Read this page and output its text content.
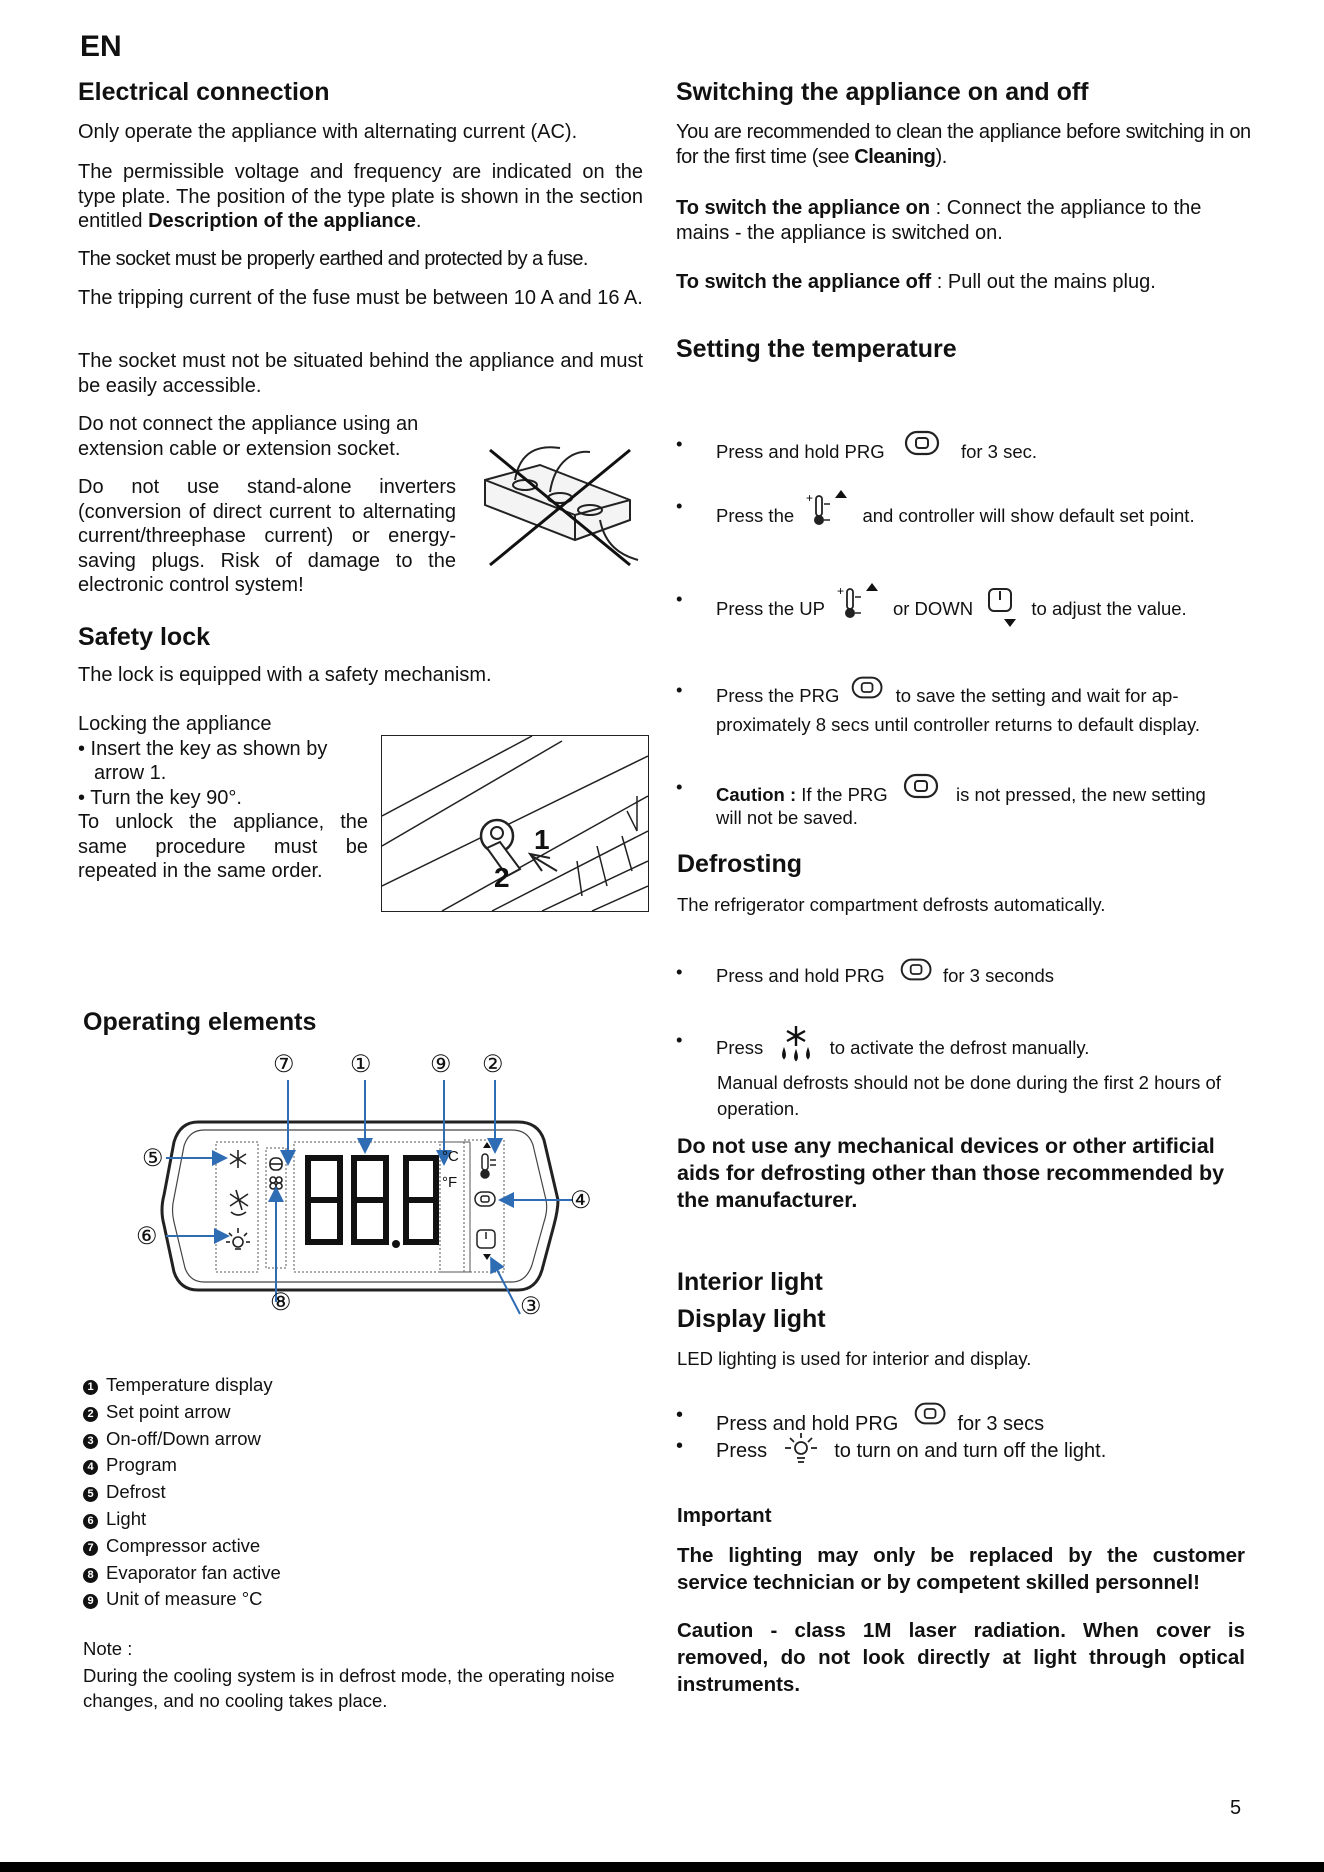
EN
Electrical connection

Only operate the appliance with alternating current (AC).

The permissible voltage and frequency are indicated on the type plate. The position of the type plate is shown in the section entitled Description of the appliance.

The socket must be properly earthed and protected by a fuse.

The tripping current of the fuse must be between 10 A and 16 A.

The socket must not be situated behind the appliance and must be easily accessible.

Do not connect the appliance using an extension cable or extension socket.

Do not use stand-alone inverters (conversion of direct current to alternating current/threephase current) or energy-saving plugs. Risk of damage to the electronic control system!

Safety lock

The lock is equipped with a safety mechanism.

Locking the appliance
• Insert the key as shown by
arrow 1.
• Turn the key 90°.
To unlock the appliance, the same procedure must be repeated in the same order.
1
2
Operating elements
⑦ ① ⑨ ②
⑤
⑥
④
⑧	③
°C
°F
1 Temperature display
2 Set point arrow
3 On-off/Down arrow
4 Program
5 Defrost
6 Light
7 Compressor active
8 Evaporator fan active
9 Unit of measure °C

Note :

During the cooling system is in defrost mode, the operating noise changes, and no cooling takes place.

Switching the appliance on and off

You are recommended to clean the appliance before switching in on for the first time (see Cleaning).

To switch the appliance on : Connect the appliance to the mains - the appliance is switched on.

To switch the appliance off : Pull out the mains plug.

Setting the temperature
• Press and hold PRG	for 3 sec.
• Press the
+
and controller will show default set point.
• Press the UP
+
or DOWN	to adjust the value.
• Press the PRG	to save the setting and wait for ap-
proximately 8 secs until controller returns to default display.
• Caution : If the PRG	is not pressed, the new setting
will not be saved.
Defrosting

The refrigerator compartment defrosts automatically.

• Press and hold PRG	for 3 seconds
• Press	to activate the defrost manually.

Manual defrosts should not be done during the first 2 hours of operation.

Do not use any mechanical devices or other artificial aids for defrosting other than those recommended by the manufacturer.

Interior light
Display light

LED lighting is used for interior and display.

• Press and hold PRG	for 3 secs
• Press	to turn on and turn off the light.

Important

The lighting may only be replaced by the customer service technician or by competent skilled personnel!

Caution - class 1M laser radiation. When cover is removed, do not look directly at light through optical instruments.

5
